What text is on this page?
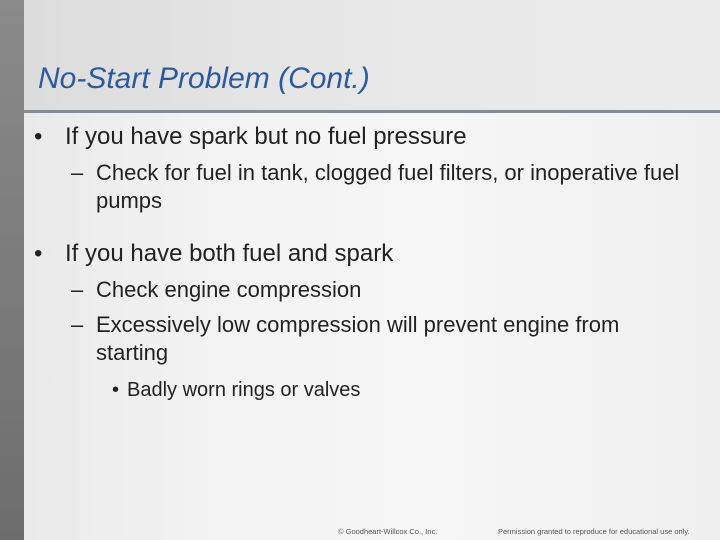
No-Start Problem (Cont.)
• If you have spark but no fuel pressure
– Check for fuel in tank, clogged fuel filters, or inoperative fuel pumps
• If you have both fuel and spark
– Check engine compression
– Excessively low compression will prevent engine from starting
• Badly worn rings or valves
© Goodheart-Willcox Co., Inc.	Permission granted to reproduce for educational use only.
